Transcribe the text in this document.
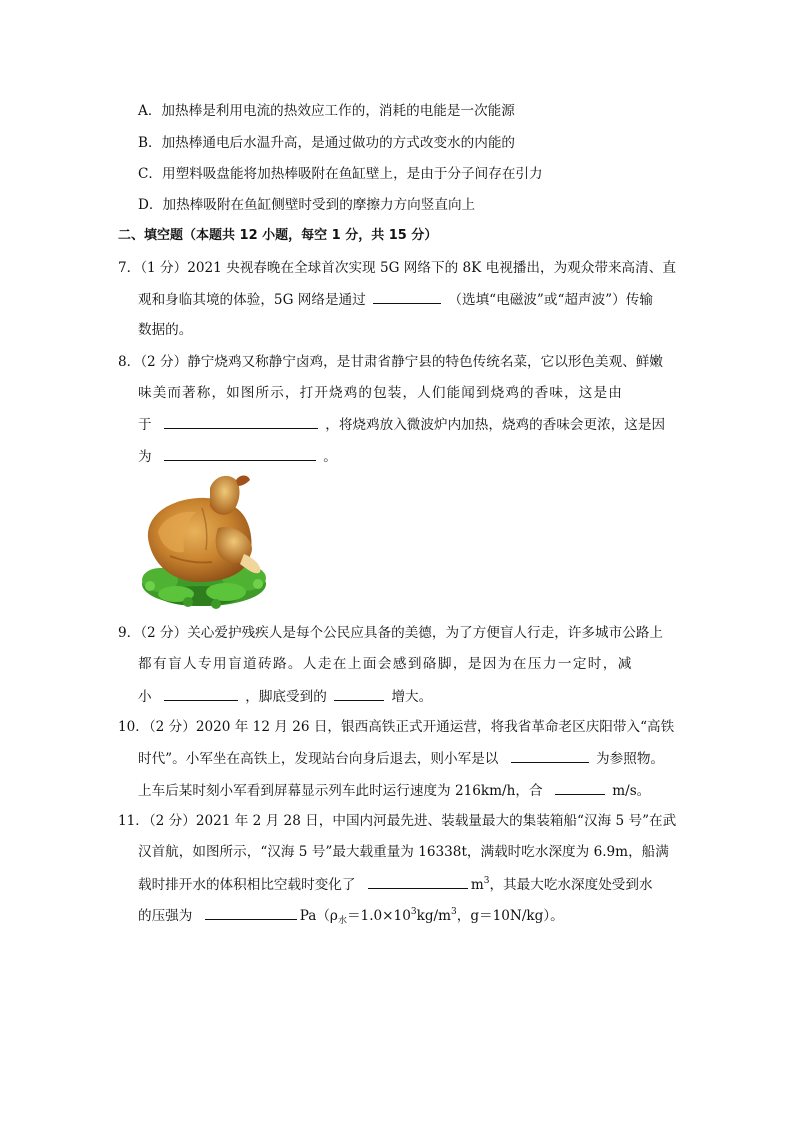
A．加热棒是利用电流的热效应工作的，消耗的电能是一次能源
B．加热棒通电后水温升高，是通过做功的方式改变水的内能的
C．用塑料吸盘能将加热棒吸附在鱼缸壁上，是由于分子间存在引力
D．加热棒吸附在鱼缸侧壁时受到的摩擦力方向竖直向上
二、填空题（本题共 12 小题，每空 1 分，共 15 分）
7．（1 分）2021 央视春晚在全球首次实现 5G 网络下的 8K 电视播出，为观众带来高清、直
观和身临其境的体验，5G 网络是通过	（选填“电磁波”或“超声波”）传输
数据的。
8．（2 分）静宁烧鸡又称静宁卤鸡，是甘肃省静宁县的特色传统名菜，它以形色美观、鲜嫩
味美而著称，如图所示，打开烧鸡的包装，人们能闻到烧鸡的香味，这是由
于	，将烧鸡放入微波炉内加热，烧鸡的香味会更浓，这是因
为	。
9．（2 分）关心爱护残疾人是每个公民应具备的美德，为了方便盲人行走，许多城市公路上
都有盲人专用盲道砖路。人走在上面会感到硌脚，是因为在压力一定时，减
小	，脚底受到的	增大。
10．（2 分）2020 年 12 月 26 日，银西高铁正式开通运营，将我省革命老区庆阳带入“高铁
时代”。小军坐在高铁上，发现站台向身后退去，则小军是以	为参照物。
上车后某时刻小军看到屏幕显示列车此时运行速度为 216km/h，合	m/s。
11．（2 分）2021 年 2 月 28 日，中国内河最先进、装载量最大的集装箱船“汉海 5 号”在武
汉首航，如图所示，“汉海 5 号”最大载重量为 16338t，满载时吃水深度为 6.9m，船满
载时排开水的体积相比空载时变化了	$m^3$，其最大吃水深度处受到水
的压强为	$Pa(\rho_水=1.0\times 10^3kg/m^3$，g＝10N/kg）。
